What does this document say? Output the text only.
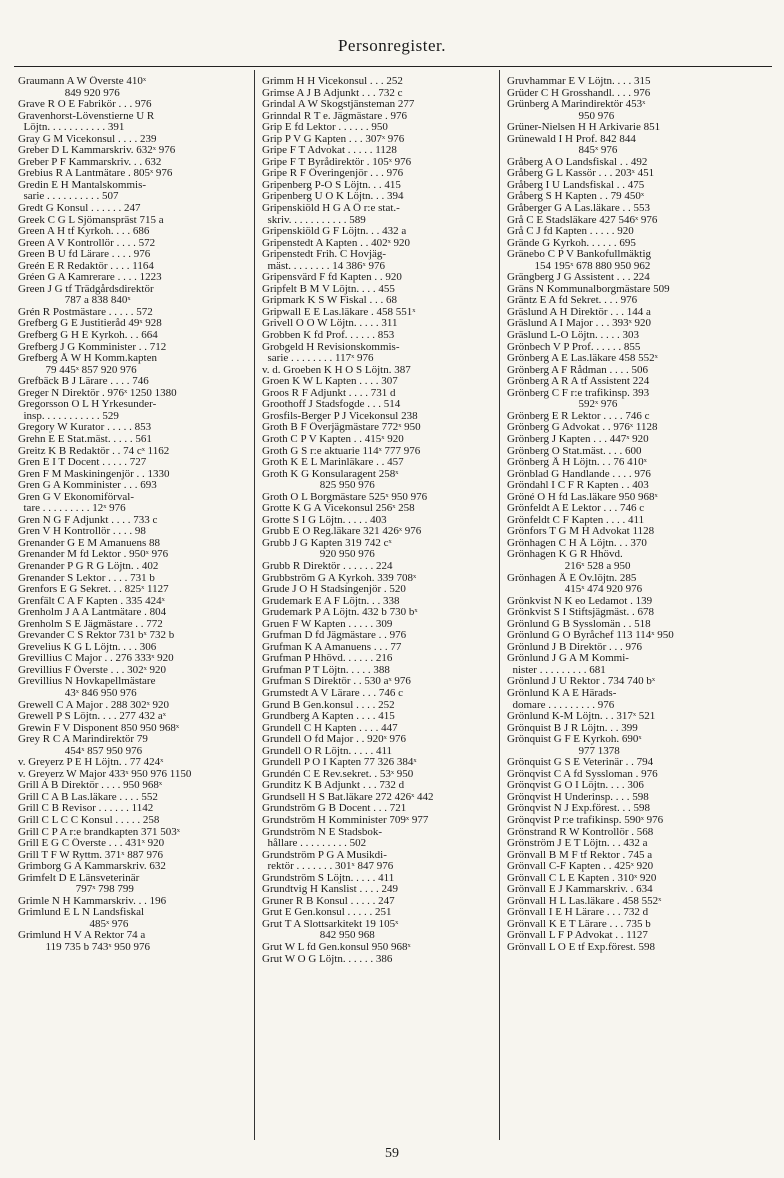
Personregister.
Graumann A W Överste 410ˣ
849 920 976
Grave R O E Fabrikör . . . 976
Gravenhorst-Lövenstierne U R
Löjtn. . . . . . . . . . . 391
Gray G M Vicekonsul . . . . 239
Greber D L Kammarskriv. 632ˣ 976
Greber P F Kammarskriv. . . 632
Grebius R A Lantmätare . 805ˣ 976
Gredin E H Mantalskommis-
sarie . . . . . . . . . . 507
Gredt G Konsul . . . . . . 247
Greek C G L Sjömanspräst 715 a
Green A H tf Kyrkoh. . . . 686
Green A V Kontrollör . . . . 572
Green B U fd Lärare . . . . 976
Greén E R Redaktör . . . . 1164
Gréen G A Kamrerare . . . . 1223
Green J G tf Trädgårdsdirektör
787 a 838 840ˣ
Grén R Postmästare . . . . . 572
Grefberg G E Justitieråd 49ˣ 928
Grefberg G H E Kyrkoh. . . 664
Grefberg J G Komminister . . 712
Grefberg Å W H Komm.kapten
79 445ˣ 857 920 976
Grefbäck B J Lärare . . . . 746
Greger N Direktör . 976ˣ 1250 1380
Gregorsson O L H Yrkesunder-
insp. . . . . . . . . . . 529
Gregory W Kurator . . . . . 853
Grehn E E Stat.mäst. . . . . 561
Greitz K B Redaktör . . 74 cˣ 1162
Gren E I T Docent . . . . . 727
Gren F M Maskiningenjör . . 1330
Gren G A Komminister . . . 693
Gren G V Ekonomiförval-
tare . . . . . . . . . 12ˣ 976
Gren N G F Adjunkt . . . . 733 c
Gren V H Kontrollör . . . . 98
Grenander G E M Amanuens 88
Grenander M fd Lektor . 950ˣ 976
Grenander P G R G Löjtn. . 402
Grenander S Lektor . . . . 731 b
Grenfors E G Sekret. . . 825ˣ 1127
Grenfält C A F Kapten . 335 424ˣ
Grenholm J A A Lantmätare . 804
Grenholm S E Jägmästare . . 772
Grevander C S Rektor 731 bˣ 732 b
Grevelius K G L Löjtn. . . . 306
Grevillius C Major . . 276 333ˣ 920
Grevillius F Överste . . . 302ˣ 920
Grevillius N Hovkapellmästare
43ˣ 846 950 976
Grewell C A Major . 288 302ˣ 920
Grewell P S Löjtn. . . . 277 432 aˣ
Grewin F V Disponent 850 950 968ˣ
Grey R C A Marindirektör 79
454ˣ 857 950 976
v. Greyerz P E H Löjtn. . 77 424ˣ
v. Greyerz W Major 433ˣ 950 976 1150
Grill A B Direktör . . . . 950 968ˣ
Grill C A B Las.läkare . . . . 552
Grill C B Revisor . . . . . . 1142
Grill C L C C Konsul . . . . . 258
Grill C P A r:e brandkapten 371 503ˣ
Grill E G C Överste . . . 431ˣ 920
Grill T F W Ryttm. 371ˣ 887 976
Grimborg G A Kammarskriv. 632
Grimfelt D E Länsveterinär
797ˣ 798 799
Grimle N H Kammarskriv. . . 196
Grimlund E L N Landsfiskal
485ˣ 976
Grimlund H V A Rektor 74 a
119 735 b 743ˣ 950 976
Grimm H H Vicekonsul . . . 252
Grimse A J B Adjunkt . . . 732 c
Grindal A W Skogstjänsteman 277
Grinndal R T e. Jägmästare . 976
Grip E fd Lektor . . . . . . 950
Grip P V G Kapten . . . 307ˣ 976
Gripe F T Advokat . . . . . 1128
Gripe F T Byrådirektör . 105ˣ 976
Gripe R F Överingenjör . . . 976
Gripenberg P-O S Löjtn. . . 415
Gripenberg U O K Löjtn. . . 394
Gripenskiöld H G A Ö r:e stat.-
skriv. . . . . . . . . . . 589
Gripenskiöld G F Löjtn. . . 432 a
Gripenstedt A Kapten . . 402ˣ 920
Gripenstedt Frih. C Hovjäg-
mäst. . . . . . . . 14 386ˣ 976
Gripensvärd F fd Kapten . . 920
Gripfelt B M V Löjtn. . . . 455
Gripmark K S W Fiskal . . . 68
Gripwall E E Las.läkare . 458 551ˣ
Grivell O O W Löjtn. . . . . 311
Grobben K fd Prof. . . . . . 853
Grobgeld H Revisionskommis-
sarie . . . . . . . . 117ˣ 976
v. d. Groeben K H O S Löjtn. 387
Groen K W L Kapten . . . . 307
Groos R F Adjunkt . . . . 731 d
Groothoff J Stadsfogde . . . 514
Grosfils-Berger P J Vicekonsul 238
Groth B F Överjägmästare 772ˣ 950
Groth C P V Kapten . . 415ˣ 920
Groth G S r:e aktuarie 114ˣ 777 976
Groth K E L Marinläkare . . 457
Groth K G Konsularagent 258ˣ
825 950 976
Groth O L Borgmästare 525ˣ 950 976
Grotte K G A Vicekonsul 256ˣ 258
Grotte S I G Löjtn. . . . . 403
Grubb E O Reg.läkare 321 426ˣ 976
Grubb J G Kapten 319 742 cˣ
920 950 976
Grubb R Direktör . . . . . . 224
Grubbström G A Kyrkoh. 339 708ˣ
Grude J O H Stadsingenjör . 520
Grudemark E A F Löjtn. . . 338
Grudemark P A Löjtn. 432 b 730 bˣ
Gruen F W Kapten . . . . . 309
Grufman D fd Jägmästare . . 976
Grufman K A Amanuens . . . 77
Grufman P Hhövd. . . . . . 216
Grufman P T Löjtn. . . . . 388
Grufman S Direktör . . 530 aˣ 976
Grumstedt A V Lärare . . . 746 c
Grund B Gen.konsul . . . . 252
Grundberg A Kapten . . . . 415
Grundell C H Kapten . . . . 447
Grundell O fd Major . . 920ˣ 976
Grundell O R Löjtn. . . . . 411
Grundell P O I Kapten 77 326 384ˣ
Grundén C E Rev.sekret. . 53ˣ 950
Grunditz K B Adjunkt . . . 732 d
Grundsell H S Bat.läkare 272 426ˣ 442
Grundström G B Docent . . . 721
Grundström H Komminister 709ˣ 977
Grundström N E Stadsbok-
hållare . . . . . . . . . 502
Grundström P G A Musikdi-
rektör . . . . . . . 301ˣ 847 976
Grundström S Löjtn. . . . . 411
Grundtvig H Kanslist . . . . 249
Gruner R B Konsul . . . . . 247
Grut E Gen.konsul . . . . . 251
Grut T A Slottsarkitekt 19 105ˣ
842 950 968
Grut W L fd Gen.konsul 950 968ˣ
Grut W O G Löjtn. . . . . . 386
Gruvhammar E V Löjtn. . . . 315
Grüder C H Grosshandl. . . . 976
Grünberg A Marindirektör 453ˣ
950 976
Grüner-Nielsen H H Arkivarie 851
Grünewald I H Prof. 842 844
845ˣ 976
Gråberg A O Landsfiskal . . 492
Gråberg G L Kassör . . . 203ˣ 451
Gråberg I U Landsfiskal . . 475
Gråberg S H Kapten . . 79 450ˣ
Gråberger G A Las.läkare . . 553
Grå C E Stadsläkare 427 546ˣ 976
Grå C J fd Kapten . . . . . 920
Grände G Kyrkoh. . . . . . 695
Gränebo C P V Bankofullmäktig
154 195ˣ 678 880 950 962
Grängberg J G Assistent . . . 224
Gräns N Kommunalborgmästare 509
Gräntz E A fd Sekret. . . . 976
Gräslund A H Direktör . . . 144 a
Gräslund A I Major . . . 393ˣ 920
Gräslund L-O Löjtn. . . . . 303
Grönbech V P Prof. . . . . . 855
Grönberg A E Las.läkare 458 552ˣ
Grönberg A F Rådman . . . . 506
Grönberg A R A tf Assistent 224
Grönberg C F r:e trafikinsp. 393
592ˣ 976
Grönberg E R Lektor . . . . 746 c
Grönberg G Advokat . . 976ˣ 1128
Grönberg J Kapten . . . 447ˣ 920
Grönberg O Stat.mäst. . . . 600
Grönberg Å H Löjtn. . . 76 410ˣ
Grönblad G Handlande . . . . 976
Gröndahl I C F R Kapten . . 403
Gröné O H fd Las.läkare 950 968ˣ
Grönfeldt A E Lektor . . . 746 c
Grönfeldt C F Kapten . . . . 411
Grönfors T G M H Advokat 1128
Grönhagen C H Å Löjtn. . . 370
Grönhagen K G R Hhövd.
216ˣ 528 a 950
Grönhagen Å E Öv.löjtn. 285
415ˣ 474 920 976
Grönkvist N K eo Ledamot . 139
Grönkvist S I Stiftsjägmäst. . 678
Grönlund G B Sysslomän . . 518
Grönlund G O Byråchef 113 114ˣ 950
Grönlund J B Direktör . . . 976
Grönlund J G A M Kommi-
nister . . . . . . . . . 681
Grönlund J U Rektor . 734 740 bˣ
Grönlund K A E Härads-
domare . . . . . . . . . 976
Grönlund K-M Löjtn. . . 317ˣ 521
Grönquist B J R Löjtn. . . 399
Grönquist G F E Kyrkoh. 690ˣ
977 1378
Grönquist G S E Veterinär . . 794
Grönqvist C A fd Syssloman . 976
Grönqvist G O I Löjtn. . . . 306
Grönqvist H Underinsp. . . . 598
Grönqvist N J Exp.förest. . . 598
Grönqvist P r:e trafikinsp. 590ˣ 976
Grönstrand R W Kontrollör . 568
Grönström J E T Löjtn. . . 432 a
Grönvall B M F tf Rektor . 745 a
Grönvall C-F Kapten . . 425ˣ 920
Grönvall C L E Kapten . 310ˣ 920
Grönvall E J Kammarskriv. . 634
Grönvall H L Las.läkare . 458 552ˣ
Grönvall I E H Lärare . . . 732 d
Grönvall K E T Lärare . . . 735 b
Grönvall L F P Advokat . . 1127
Grönvall L O E tf Exp.förest. 598
59
